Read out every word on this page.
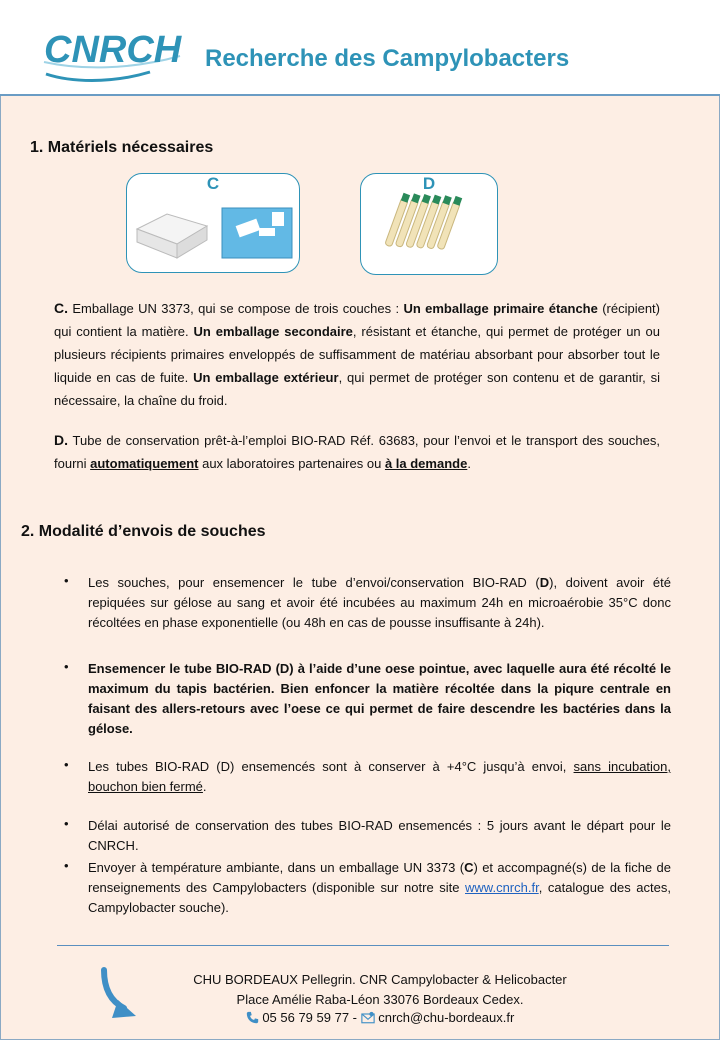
CNRCH Recherche des Campylobacters
1. Matériels nécessaires
C	D
C. Emballage UN 3373, qui se compose de trois couches : Un emballage primaire étanche (récipient) qui contient la matière. Un emballage secondaire, résistant et étanche, qui permet de protéger un ou plusieurs récipients primaires enveloppés de suffisamment de matériau absorbant pour absorber tout le liquide en cas de fuite. Un emballage extérieur, qui permet de protéger son contenu et de garantir, si nécessaire, la chaîne du froid.
D. Tube de conservation prêt-à-l’emploi BIO-RAD Réf. 63683, pour l’envoi et le transport des souches, fourni automatiquement aux laboratoires partenaires ou à la demande.
2. Modalité d’envois de souches
• Les souches, pour ensemencer le tube d’envoi/conservation BIO-RAD (D), doivent avoir été repiquées sur gélose au sang et avoir été incubées au maximum 24h en microaérobie 35°C donc récoltées en phase exponentielle (ou 48h en cas de pousse insuffisante à 24h).
• Ensemencer le tube BIO-RAD (D) à l’aide d’une oese pointue, avec laquelle aura été récolté le maximum du tapis bactérien. Bien enfoncer la matière récoltée dans la piqure centrale en faisant des allers-retours avec l’oese ce qui permet de faire descendre les bactéries dans la gélose.
• Les tubes BIO-RAD (D) ensemencés sont à conserver à +4°C jusqu’à envoi, sans incubation, bouchon bien fermé.
• Délai autorisé de conservation des tubes BIO-RAD ensemencés : 5 jours avant le départ pour le CNRCH.
• Envoyer à température ambiante, dans un emballage UN 3373 (C) et accompagné(s) de la fiche de renseignements des Campylobacters (disponible sur notre site www.cnrch.fr, catalogue des actes, Campylobacter souche).
CHU BORDEAUX Pellegrin. CNR Campylobacter & Helicobacter
Place Amélie Raba-Léon 33076 Bordeaux Cedex.
05 56 79 59 77 -  cnrch@chu-bordeaux.fr
